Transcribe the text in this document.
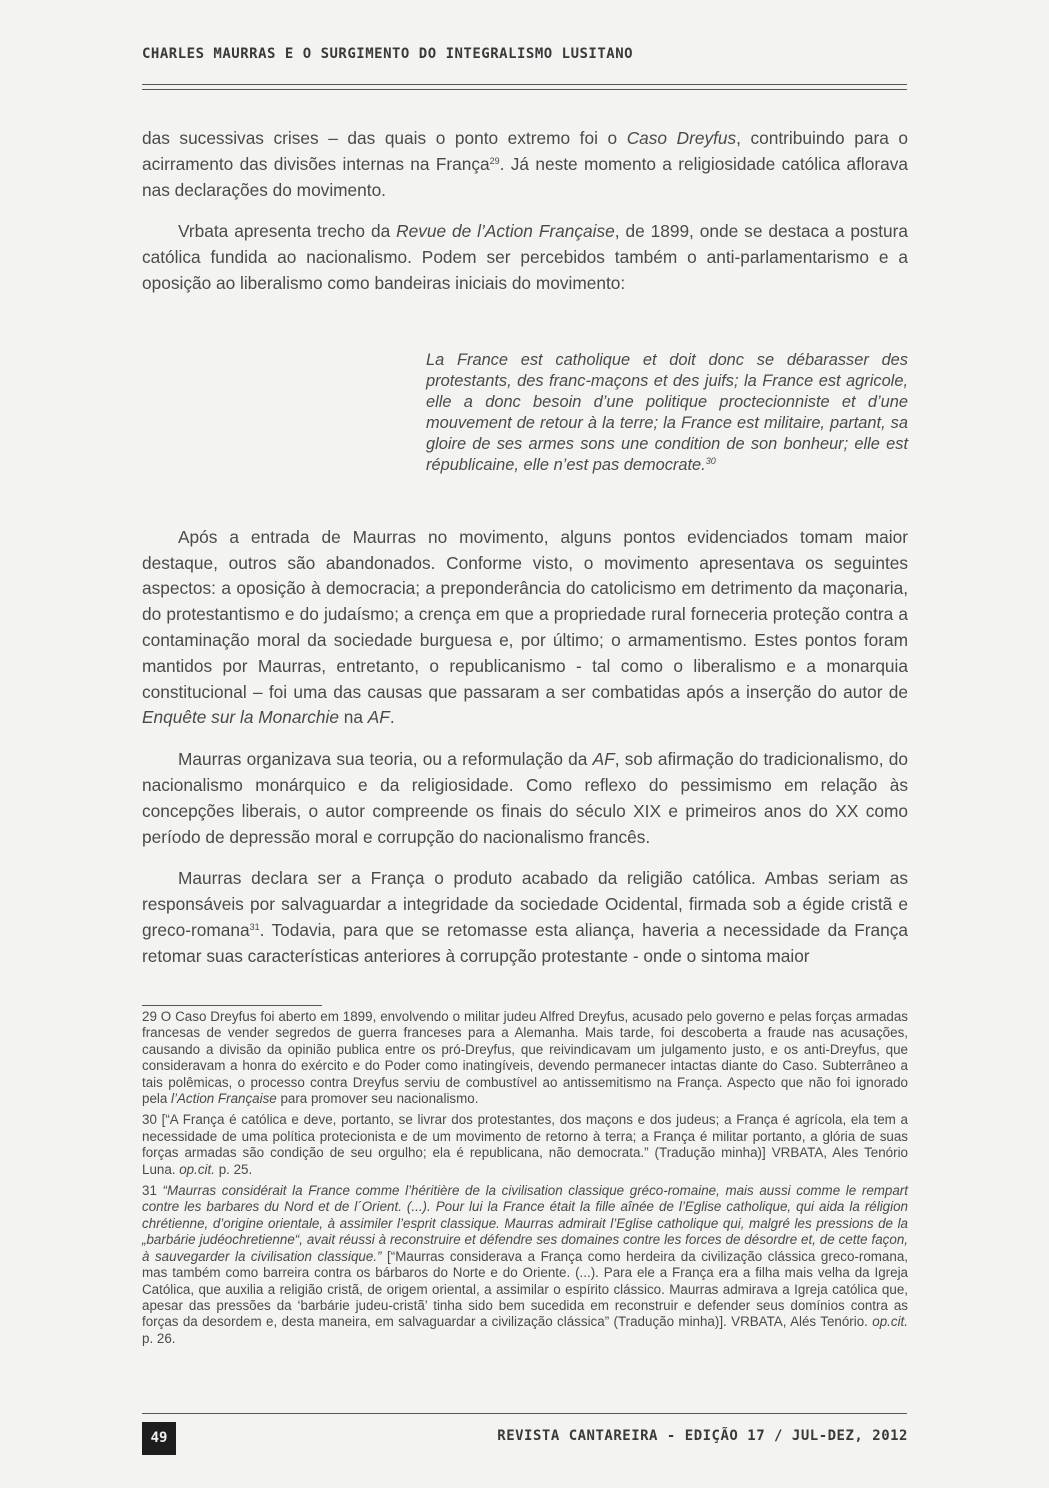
CHARLES MAURRAS E O SURGIMENTO DO INTEGRALISMO LUSITANO

das sucessivas crises – das quais o ponto extremo foi o Caso Dreyfus, contribuindo para o acirramento das divisões internas na França$^{29}$. Já neste momento a religiosidade católica aflorava nas declarações do movimento.

Vrbata apresenta trecho da Revue de l’Action Française, de 1899, onde se destaca a postura católica fundida ao nacionalismo. Podem ser percebidos também o anti-parlamentarismo e a oposição ao liberalismo como bandeiras iniciais do movimento:

Após a entrada de Maurras no movimento, alguns pontos evidenciados tomam maior destaque, outros são abandonados. Conforme visto, o movimento apresentava os seguintes aspectos: a oposição à democracia; a preponderância do catolicismo em detrimento da maçonaria, do protestantismo e do judaísmo; a crença em que a propriedade rural forneceria proteção contra a contaminação moral da sociedade burguesa e, por último; o armamentismo. Estes pontos foram mantidos por Maurras, entretanto, o republicanismo - tal como o liberalismo e a monarquia constitucional – foi uma das causas que passaram a ser combatidas após a inserção do autor de Enquête sur la Monarchie na AF.

Maurras organizava sua teoria, ou a reformulação da AF, sob afirmação do tradicionalismo, do nacionalismo monárquico e da religiosidade. Como reflexo do pessimismo em relação às concepções liberais, o autor compreende os finais do século XIX e primeiros anos do XX como período de depressão moral e corrupção do nacionalismo francês.

Maurras declara ser a França o produto acabado da religião católica. Ambas seriam as responsáveis por salvaguardar a integridade da sociedade Ocidental, firmada sob a égide cristã e greco-romana$^{31}$. Todavia, para que se retomasse esta aliança, haveria a necessidade da França retomar suas características anteriores à corrupção protestante - onde o sintoma maior

La France est catholique et doit donc se débarasser des protestants, des franc-maçons et des juifs; la France est agricole, elle a donc besoin d’une politique proctecionniste et d’une mouvement de retour à la terre; la France est militaire, partant, sa gloire de ses armes sons une condition de son bonheur; elle est républicaine, elle n’est pas democrate.$^{30}$

29 O Caso Dreyfus foi aberto em 1899, envolvendo o militar judeu Alfred Dreyfus, acusado pelo governo e pelas forças armadas francesas de vender segredos de guerra franceses para a Alemanha. Mais tarde, foi descoberta a fraude nas acusações, causando a divisão da opinião publica entre os pró-Dreyfus, que reivindicavam um julgamento justo, e os anti-Dreyfus, que consideravam a honra do exército e do Poder como inatingíveis, devendo permanecer intactas diante do Caso. Subterrâneo a tais polêmicas, o processo contra Dreyfus serviu de combustível ao antissemitismo na França. Aspecto que não foi ignorado pela l’Action Française para promover seu nacionalismo.

30 [“A França é católica e deve, portanto, se livrar dos protestantes, dos maçons e dos judeus; a França é agrícola, ela tem a necessidade de uma política protecionista e de um movimento de retorno à terra; a França é militar portanto, a glória de suas forças armadas são condição de seu orgulho; ela é republicana, não democrata.” (Tradução minha)] VRBATA, Ales Tenório Luna. op.cit. p. 25.

31 “Maurras considérait la France comme l’héritière de la civilisation classique gréco-romaine, mais aussi comme le rempart contre les barbares du Nord et de l´Orient. (...). Pour lui la France était la fille aînée de l’Eglise catholique, qui aida la réligion chrétienne, d’origine orientale, à assimiler l’esprit classique. Maurras admirait l’Eglise catholique qui, malgré les pressions de la „barbárie judéochretienne“, avait réussi à reconstruire et défendre ses domaines contre les forces de désordre et, de cette façon, à sauvegarder la civilisation classique.” [“Maurras considerava a França como herdeira da civilização clássica greco-romana, mas também como barreira contra os bárbaros do Norte e do Oriente. (...). Para ele a França era a filha mais velha da Igreja Católica, que auxilia a religião cristã, de origem oriental, a assimilar o espírito clássico. Maurras admirava a Igreja católica que, apesar das pressões da ‘barbárie judeu-cristã’ tinha sido bem sucedida em reconstruir e defender seus domínios contra as forças da desordem e, desta maneira, em salvaguardar a civilização clássica” (Tradução minha)]. VRBATA, Alés Tenório. op.cit. p. 26.

49	REVISTA CANTAREIRA - EDIÇÃO 17 / JUL-DEZ, 2012
